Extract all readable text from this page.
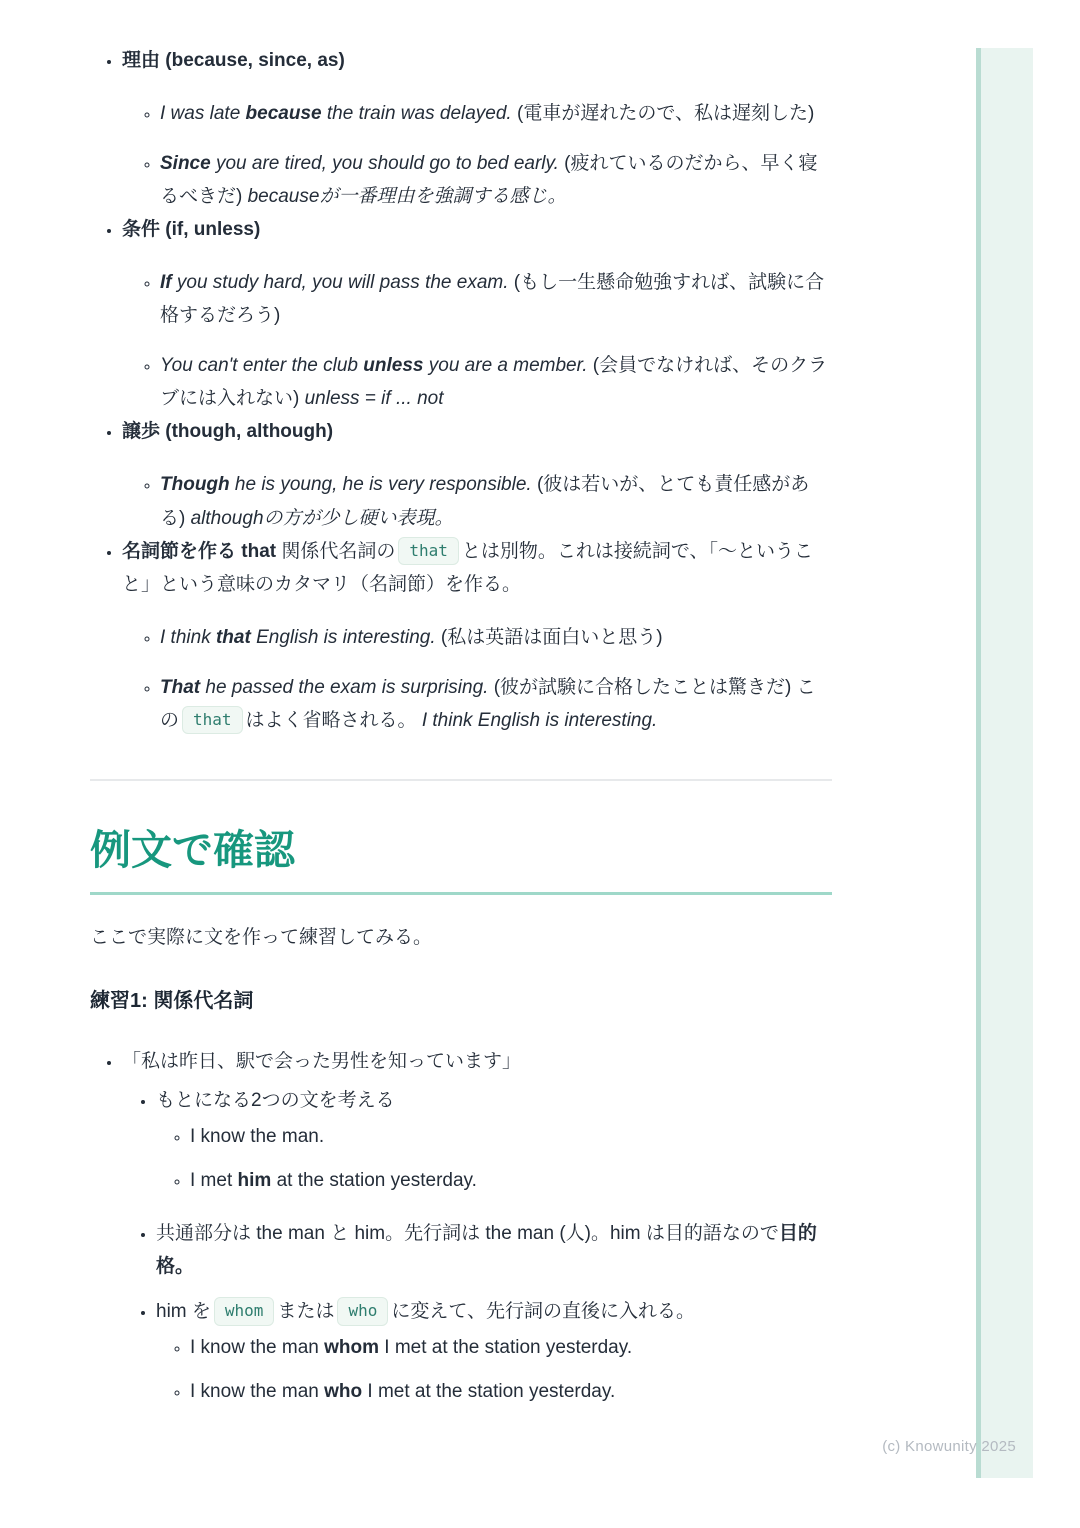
• 理由 (because, since, as)
◦ I was late because the train was delayed. (電車が遅れたので、私は遅刻した)
◦ Since you are tired, you should go to bed early. (疲れているのだから、早く寝るべきだ) becauseが一番理由を強調する感じ。
• 条件 (if, unless)
◦ If you study hard, you will pass the exam. (もし一生懸命勉強すれば、試験に合格するだろう)
◦ You can't enter the club unless you are a member. (会員でなければ、そのクラブには入れない) unless = if ... not
• 譲歩 (though, although)
◦ Though he is young, he is very responsible. (彼は若いが、とても責任感がある) althoughの方が少し硬い表現。
• 名詞節を作る that 関係代名詞の that とは別物。これは接続詞で、「〜ということ」という意味のカタマリ（名詞節）を作る。
◦ I think that English is interesting. (私は英語は面白いと思う)
◦ That he passed the exam is surprising. (彼が試験に合格したことは驚きだ) この that はよく省略される。 I think English is interesting.
例文で確認

ここで実際に文を作って練習してみる。

練習1: 関係代名詞
• 「私は昨日、駅で会った男性を知っています」
• もとになる2つの文を考える
◦ I know the man.
◦ I met him at the station yesterday.
• 共通部分は the man と him。先行詞は the man (人)。him は目的語なので目的格。
• him を whom または who に変えて、先行詞の直後に入れる。
◦ I know the man whom I met at the station yesterday.
◦ I know the man who I met at the station yesterday.
(c) Knowunity 2025
